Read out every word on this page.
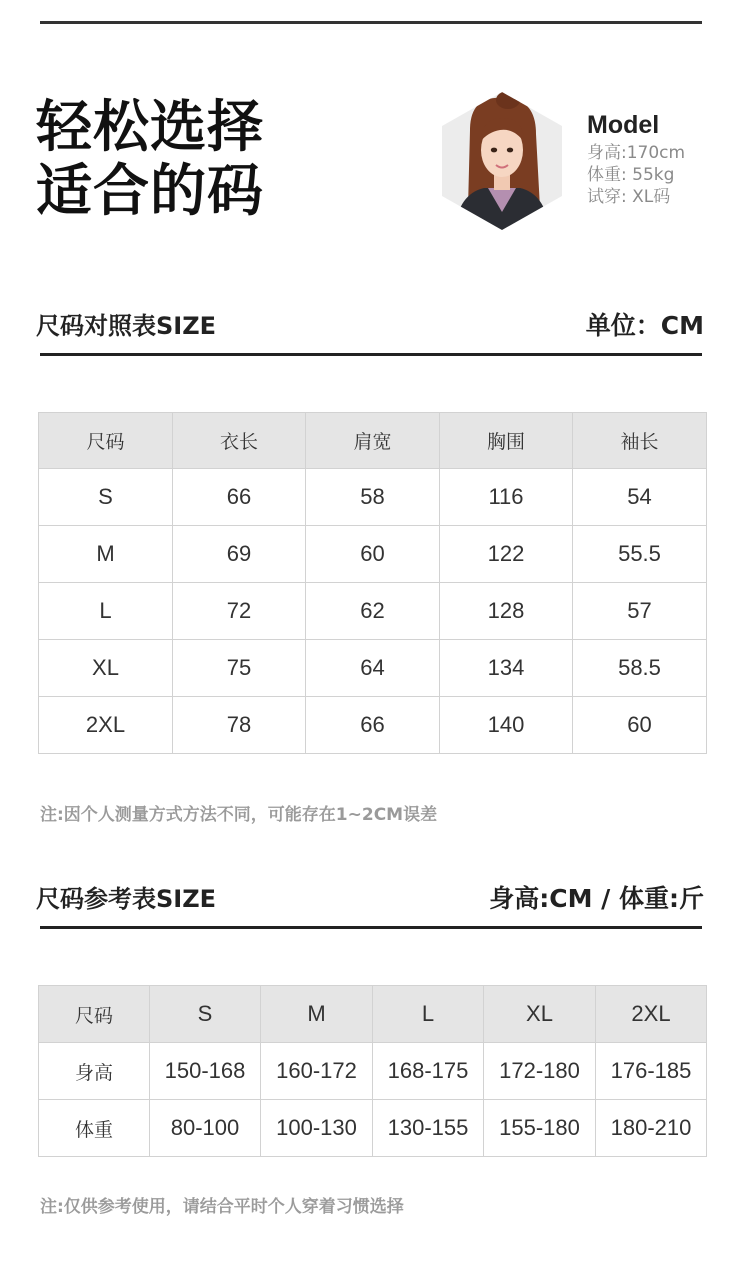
轻松选择
适合的码
Model
身高:170cm
体重: 55kg
试穿: XL码
尺码对照表SIZE	单位：CM
尺码	衣长	肩宽	胸围	袖长
S	66	58	116	54
M	69	60	122	55.5
L	72	62	128	57
XL	75	64	134	58.5
2XL	78	66	140	60
注:因个人测量方式方法不同，可能存在1~2CM误差
尺码参考表SIZE	身高:CM / 体重:斤
尺码	S	M	L	XL	2XL
身高	150-168	160-172	168-175	172-180	176-185
体重	80-100	100-130	130-155	155-180	180-210
注:仅供参考使用，请结合平时个人穿着习惯选择
